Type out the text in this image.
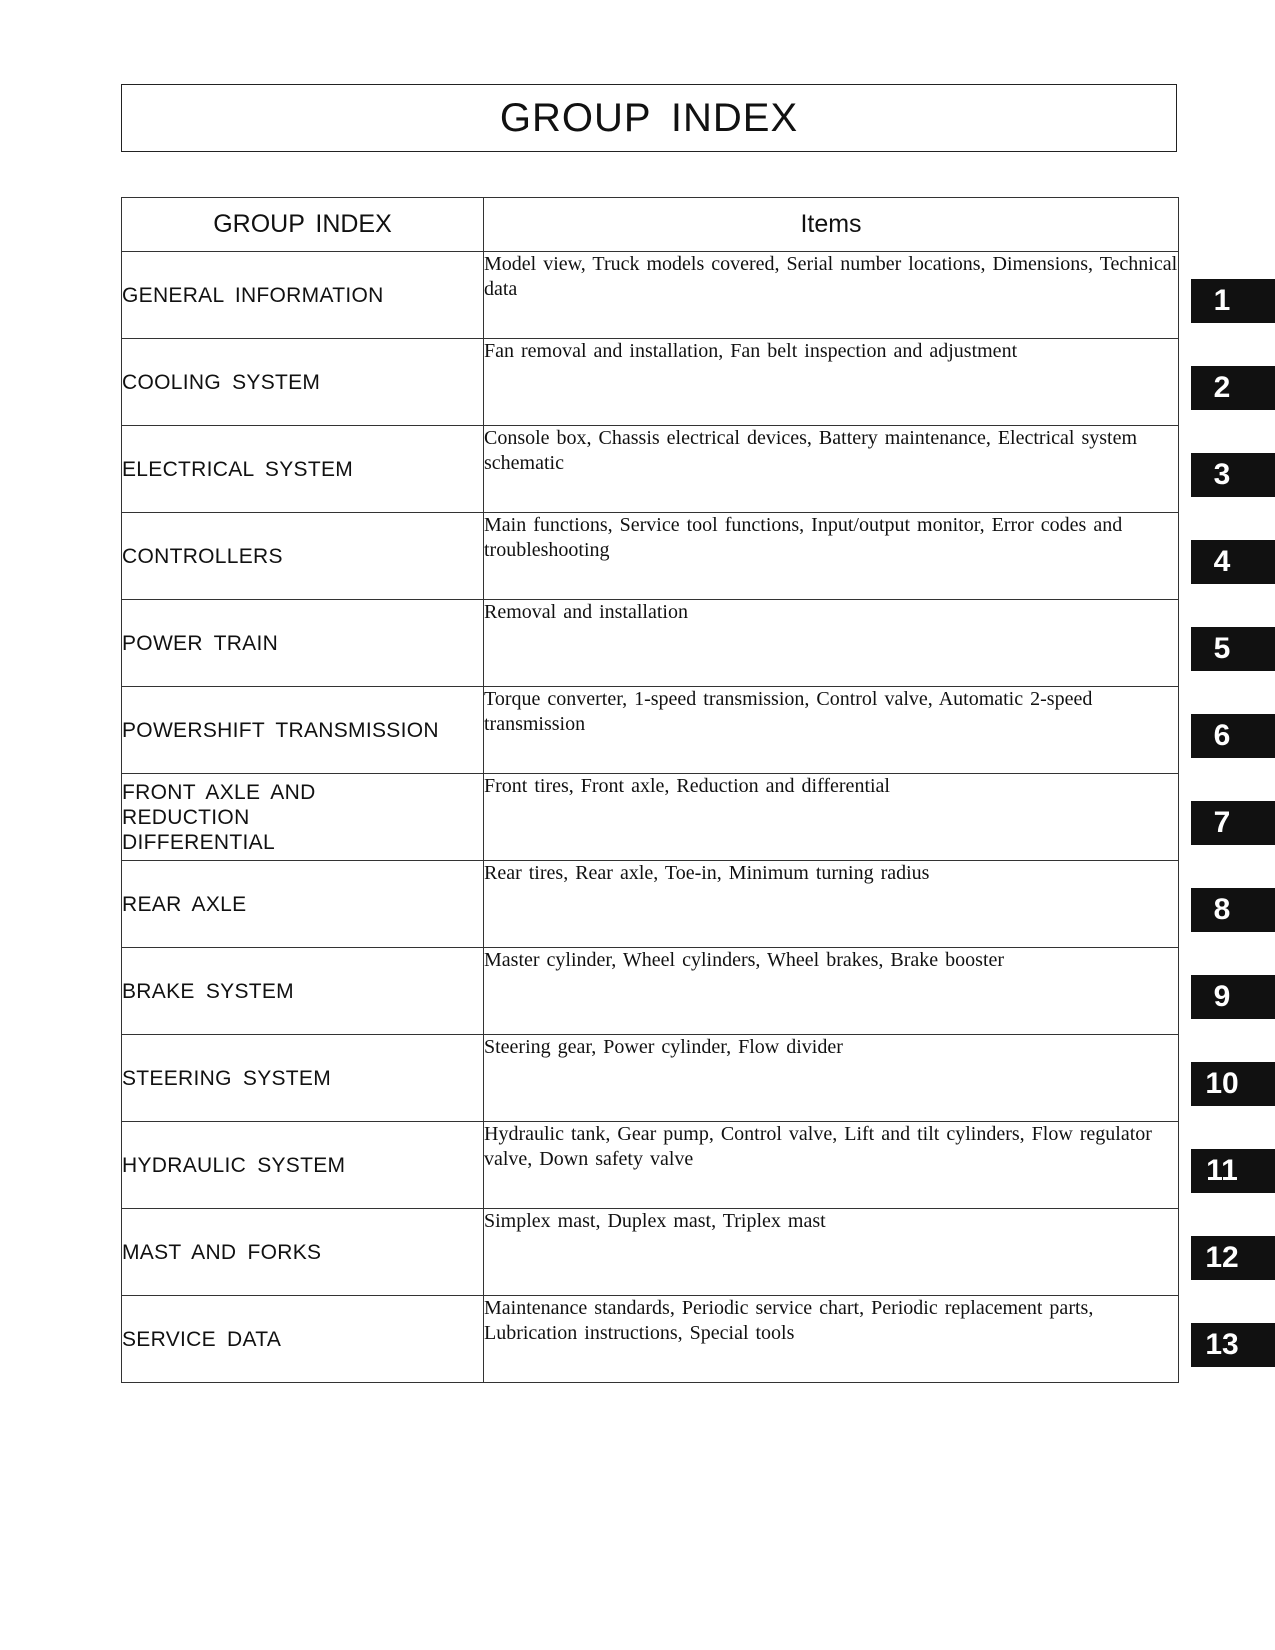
GROUP INDEX
GROUP INDEX	Items
GENERAL INFORMATION	Model view, Truck models covered, Serial number locations, Dimensions, Technical data
COOLING SYSTEM	Fan removal and installation, Fan belt inspection and adjustment
ELECTRICAL SYSTEM	Console box, Chassis electrical devices, Battery maintenance, Electrical system schematic
CONTROLLERS	Main functions, Service tool functions, Input/output monitor, Error codes and troubleshooting
POWER TRAIN	Removal and installation
POWERSHIFT TRANSMISSION	Torque converter, 1-speed transmission, Control valve, Automatic 2-speed transmission
FRONT AXLE AND REDUCTION DIFFERENTIAL	Front tires, Front axle, Reduction and differential
REAR AXLE	Rear tires, Rear axle, Toe-in, Minimum turning radius
BRAKE SYSTEM	Master cylinder, Wheel cylinders, Wheel brakes, Brake booster
STEERING SYSTEM	Steering gear, Power cylinder, Flow divider
HYDRAULIC SYSTEM	Hydraulic tank, Gear pump, Control valve, Lift and tilt cylinders, Flow regulator valve, Down safety valve
MAST AND FORKS	Simplex mast, Duplex mast, Triplex mast
SERVICE DATA	Maintenance standards, Periodic service chart, Periodic replacement parts, Lubrication instructions, Special tools
1
2
3
4
5
6
7
8
9
10
11
12
13
